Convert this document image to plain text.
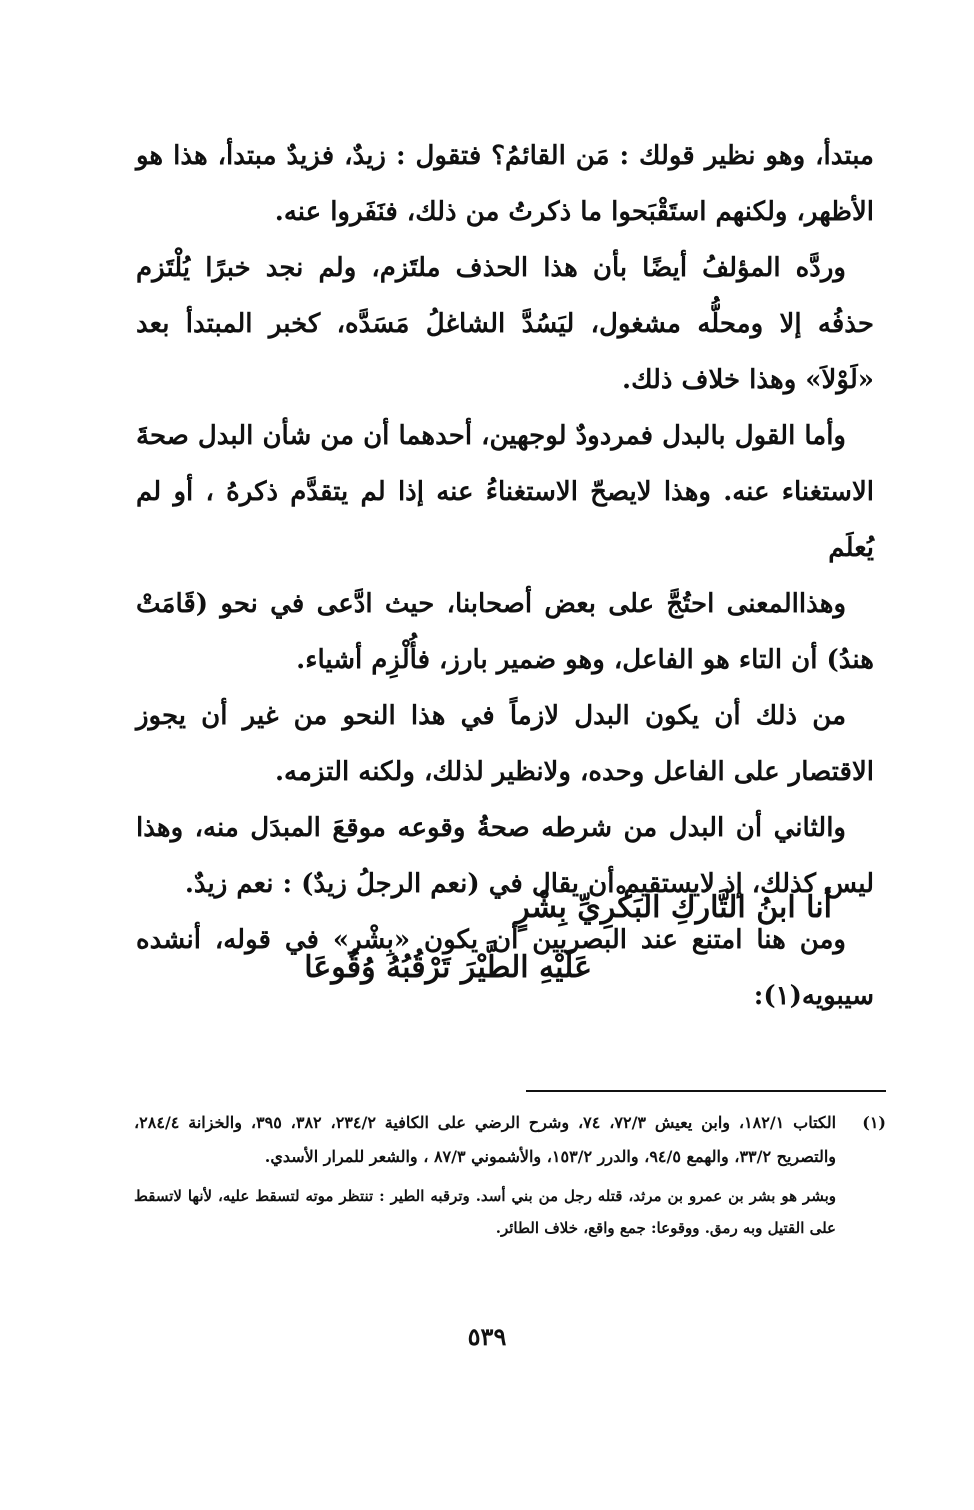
مبتدأ، وهو نظير قولك : مَن القائمُ؟ فتقول : زيدٌ، فزيدٌ مبتدأ، هذا هو الأظهر، ولكنهم استَقْبَحوا ما ذكرتُ من ذلك، فنَفَروا عنه.

وردَّه المؤلفُ أيضًا بأن هذا الحذف ملتَزم، ولم نجد خبرًا يُلْتَزم حذفُه إلا ومحلُّه مشغول، ليَسُدَّ الشاغلُ مَسَدَّه، كخبر المبتدأ بعد «لَوْلاَ» وهذا خلاف ذلك.

وأما القول بالبدل فمردودٌ لوجهين، أحدهما أن من شأن البدل صحةَ الاستغناء عنه. وهذا لايصحّ الاستغناءُ عنه إذا لم يتقدَّم ذكرهُ ، أو لم يُعلَم

وهذاالمعنى احتُجَّ على بعض أصحابنا، حيث ادَّعى في نحو (قَامَتْ هندُ) أن التاء هو الفاعل، وهو ضمير بارز، فأُلْزِم أشياء.

من ذلك أن يكون البدل لازماً في هذا النحو من غير أن يجوز الاقتصار على الفاعل وحده، ولانظير لذلك، ولكنه التزمه.

والثاني أن البدل من شرطه صحةُ وقوعه موقعَ المبدَل منه، وهذا ليس كذلك، إذ لايستقيم أن يقال في (نعم الرجلُ زيدٌ) : نعم زيدٌ.

ومن هنا امتنع عند البصريين أن يكون «بِشْر» في قوله، أنشده سيبويه(١):

أنا ابنُ التَّاركِ البَكْرِيِّ بِشْرٍ
عَلَيْهِ الطَّيْرَ تَرْقُبُهُ وُقُوعَا
(١)

الكتاب ١٨٢/١، وابن يعيش ٧٢/٣، ٧٤، وشرح الرضي على الكافية ٢٣٤/٢، ٣٨٢، ٣٩٥، والخزانة ٢٨٤/٤، والتصريح ٣٣/٢، والهمع ٩٤/٥، والدرر ١٥٣/٢، والأشموني ٨٧/٣ ، والشعر للمرار الأسدي.

وبشر هو بشر بن عمرو بن مرثد، قتله رجل من بني أسد. وترقبه الطير : تنتظر موته لتسقط عليه، لأنها لاتسقط على القتيل وبه رمق. ووقوعا: جمع واقع، خلاف الطائر.

٥٣٩
